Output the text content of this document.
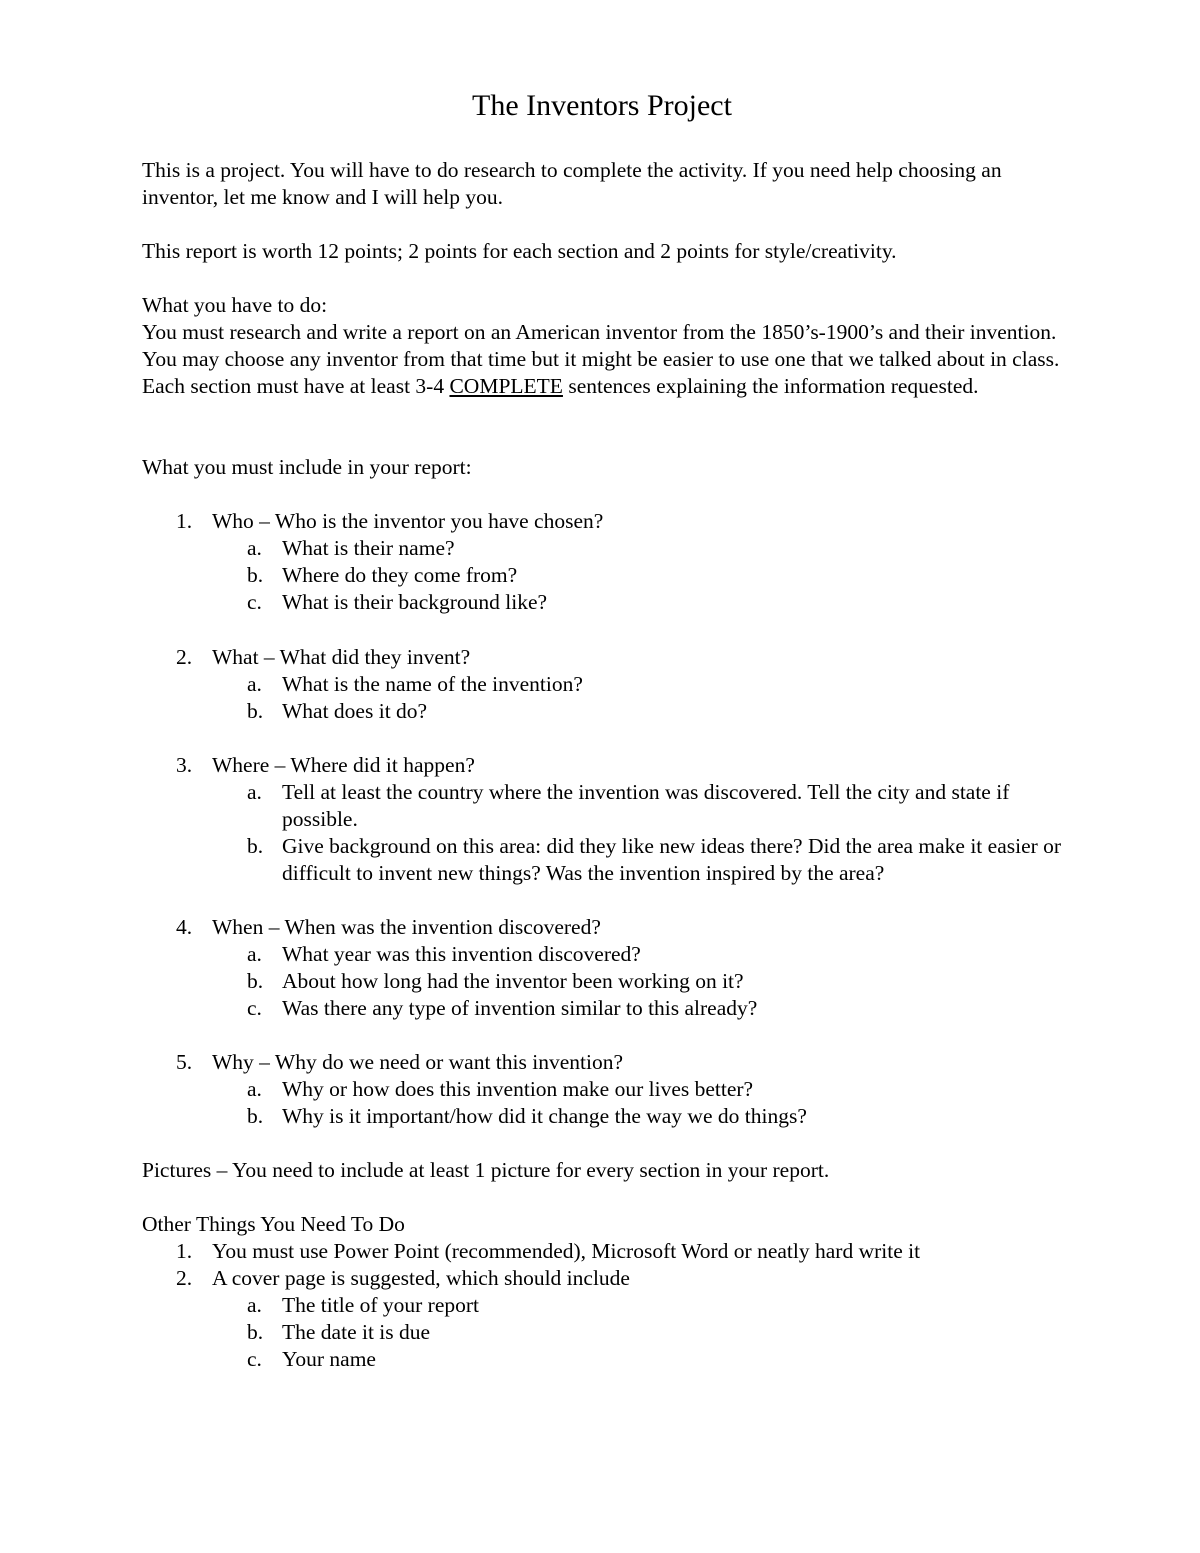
The Inventors Project

This is a project. You will have to do research to complete the activity. If you need help choosing an inventor, let me know and I will help you.

This report is worth 12 points; 2 points for each section and 2 points for style/creativity.

What you have to do:

You must research and write a report on an American inventor from the 1850’s-1900’s and their invention. You may choose any inventor from that time but it might be easier to use one that we talked about in class. Each section must have at least 3-4 COMPLETE sentences explaining the information requested.

What you must include in your report:

1. Who – Who is the inventor you have chosen?
a. What is their name?
b. Where do they come from?
c. What is their background like?
2. What – What did they invent?
a. What is the name of the invention?
b. What does it do?
3. Where – Where did it happen?
a. Tell at least the country where the invention was discovered. Tell the city and state if possible.
b. Give background on this area: did they like new ideas there? Did the area make it easier or difficult to invent new things? Was the invention inspired by the area?
4. When – When was the invention discovered?
a. What year was this invention discovered?
b. About how long had the inventor been working on it?
c. Was there any type of invention similar to this already?
5. Why – Why do we need or want this invention?
a. Why or how does this invention make our lives better?
b. Why is it important/how did it change the way we do things?

Pictures – You need to include at least 1 picture for every section in your report.

Other Things You Need To Do

1. You must use Power Point (recommended), Microsoft Word or neatly hard write it
2. A cover page is suggested, which should include
a. The title of your report
b. The date it is due
c. Your name
